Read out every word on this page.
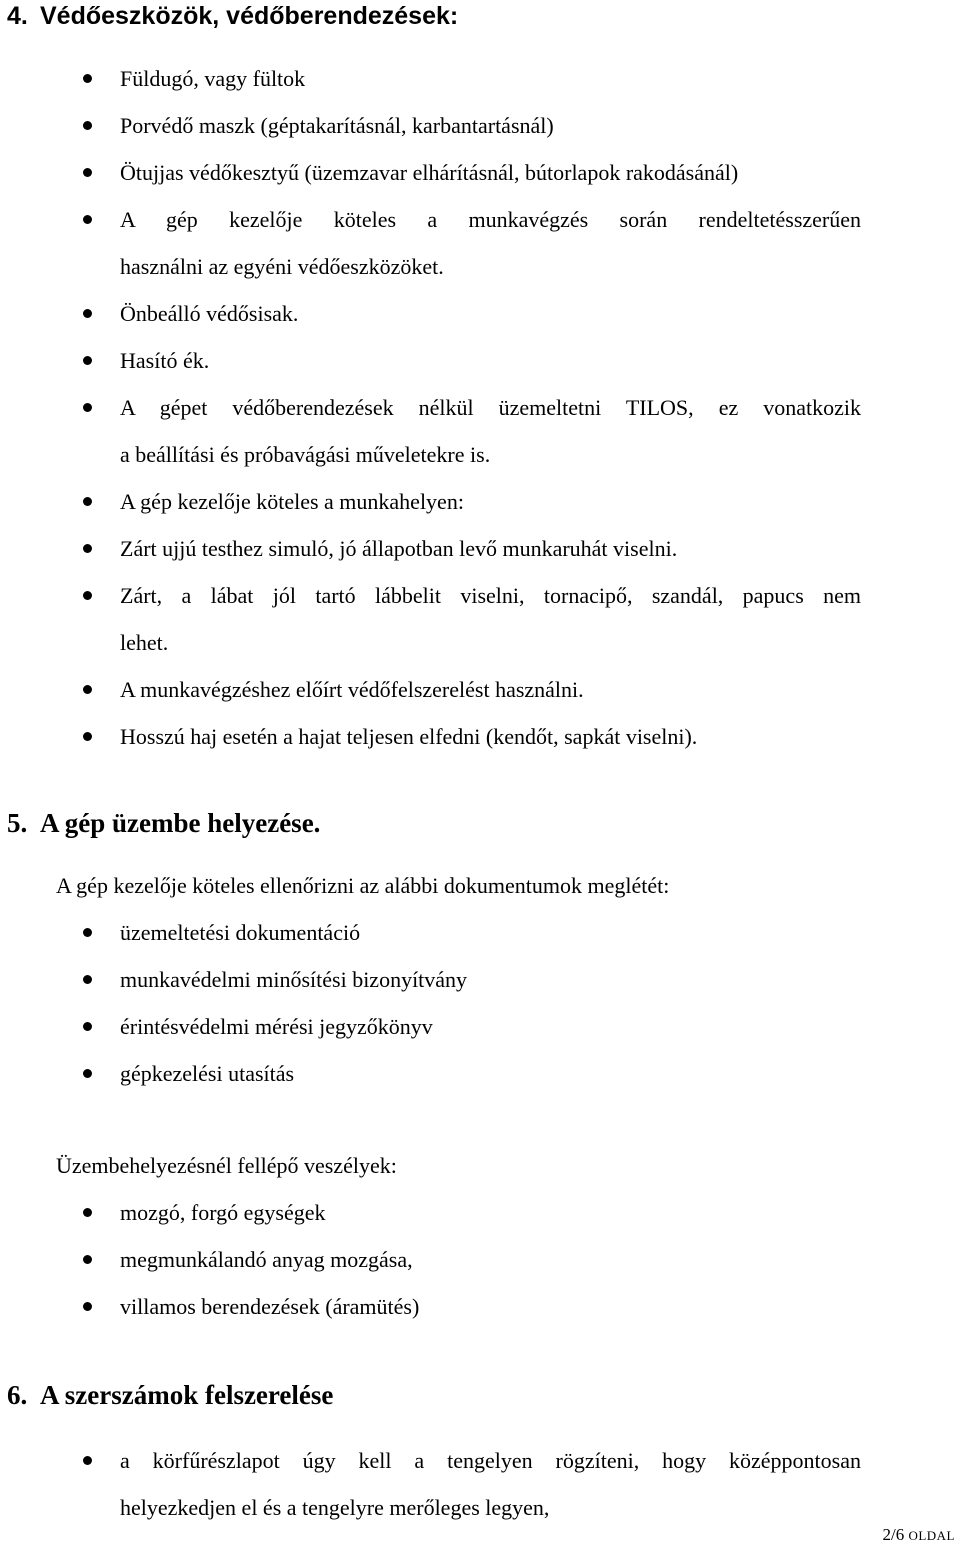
4. Védőeszközök, védőberendezések:
Füldugó, vagy fültok
Porvédő maszk (géptakarításnál, karbantartásnál)
Ötujjas védőkesztyű (üzemzavar elhárításnál, bútorlapok rakodásánál)
A gép kezelője köteles a munkavégzés során rendeltetésszerűen
használni az egyéni védőeszközöket.
Önbeálló védősisak.
Hasító ék.
A gépet védőberendezések nélkül üzemeltetni TILOS, ez vonatkozik
a beállítási és próbavágási műveletekre is.
A gép kezelője köteles a munkahelyen:
Zárt ujjú testhez simuló, jó állapotban levő munkaruhát viselni.
Zárt, a lábat jól tartó lábbelit viselni, tornacipő, szandál, papucs nem
lehet.
A munkavégzéshez előírt védőfelszerelést használni.
Hosszú haj esetén a hajat teljesen elfedni (kendőt, sapkát viselni).
5. A gép üzembe helyezése.
A gép kezelője köteles ellenőrizni az alábbi dokumentumok meglétét:
üzemeltetési dokumentáció
munkavédelmi minősítési bizonyítvány
érintésvédelmi mérési jegyzőkönyv
gépkezelési utasítás
Üzembehelyezésnél fellépő veszélyek:
mozgó, forgó egységek
megmunkálandó anyag mozgása,
villamos berendezések (áramütés)
6. A szerszámok felszerelése
a körfűrészlapot úgy kell a tengelyen rögzíteni, hogy középpontosan
helyezkedjen el és a tengelyre merőleges legyen,
2/6 OLDAL
